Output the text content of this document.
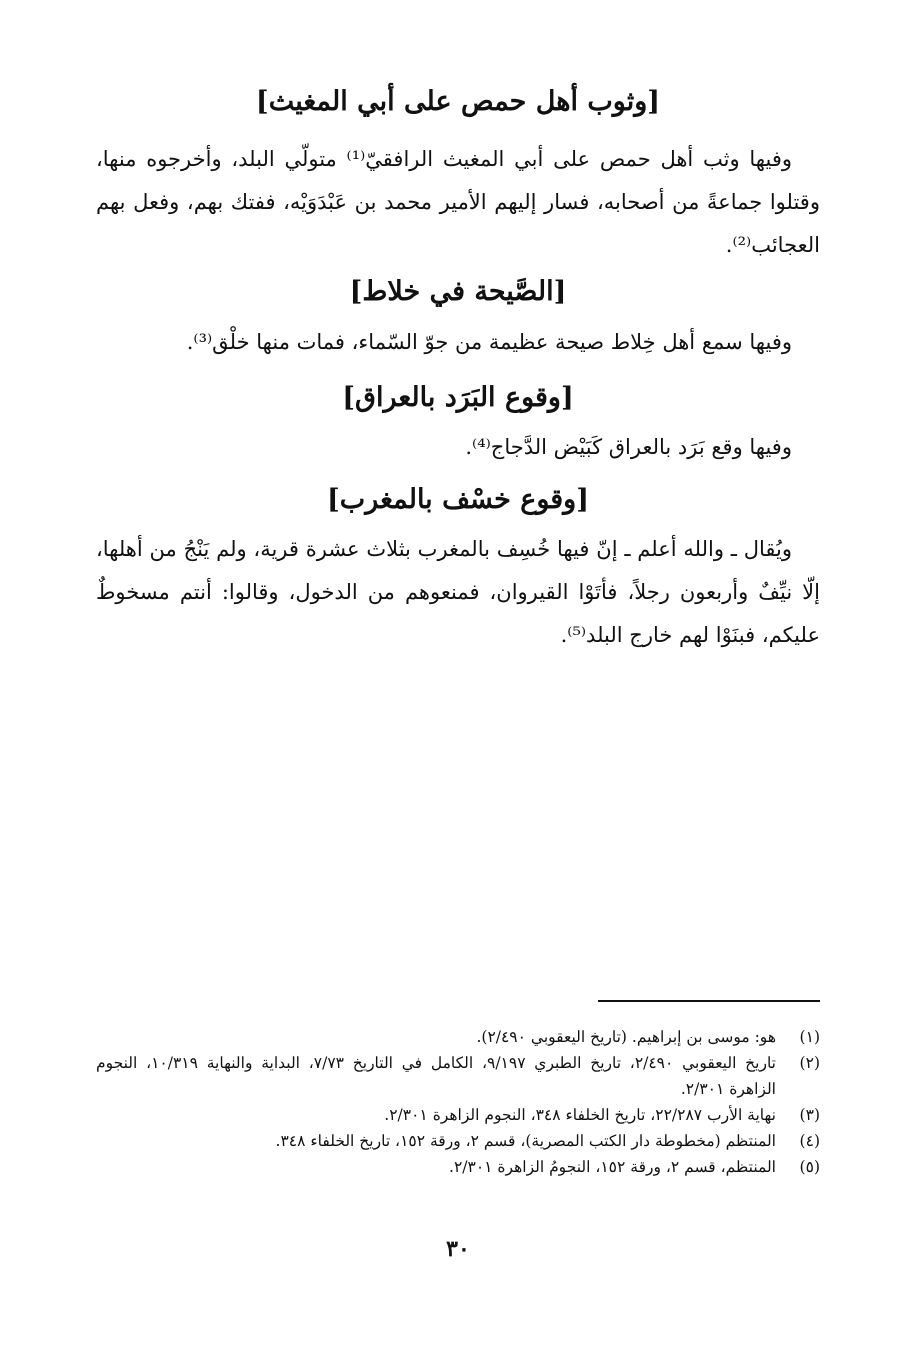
[وثوب أهل حمص على أبي المغيث]

وفيها وثب أهل حمص على أبي المغيث الرافقيّ⁽¹⁾ متولّي البلد، وأخرجوه منها، وقتلوا جماعةً من أصحابه، فسار إليهم الأمير محمد بن عَبْدَوَيْه، ففتك بهم، وفعل بهم العجائب⁽²⁾.

[الصَّيحة في خلاط]

وفيها سمع أهل خِلاط صيحة عظيمة من جوّ السّماء، فمات منها خلْق⁽³⁾.

[وقوع البَرَد بالعراق]

وفيها وقع بَرَد بالعراق كَبَيْض الدَّجاج⁽⁴⁾.

[وقوع خسْف بالمغرب]

ويُقال ـ والله أعلم ـ إنّ فيها خُسِف بالمغرب بثلاث عشرة قرية، ولم يَنْجُ من أهلها، إلّا نيِّفٌ وأربعون رجلاً، فأتَوْا القيروان، فمنعوهم من الدخول، وقالوا: أنتم مسخوطٌ عليكم، فبنَوْا لهم خارج البلد⁽⁵⁾.

(١)
هو: موسى بن إبراهيم. (تاريخ اليعقوبي ٢/٤٩٠).
(٢)
تاريخ اليعقوبي ٢/٤٩٠، تاريخ الطبري ٩/١٩٧، الكامل في التاريخ ٧/٧٣، البداية والنهاية ١٠/٣١٩، النجوم الزاهرة ٢/٣٠١.
(٣)
نهاية الأرب ٢٢/٢٨٧، تاريخ الخلفاء ٣٤٨، النجوم الزاهرة ٢/٣٠١.
(٤)
المنتظم (مخطوطة دار الكتب المصرية)، قسم ٢، ورقة ١٥٢، تاريخ الخلفاء ٣٤٨.
(٥)
المنتظم، قسم ٢، ورقة ١٥٢، النجومُ الزاهرة ٢/٣٠١.
٣٠
